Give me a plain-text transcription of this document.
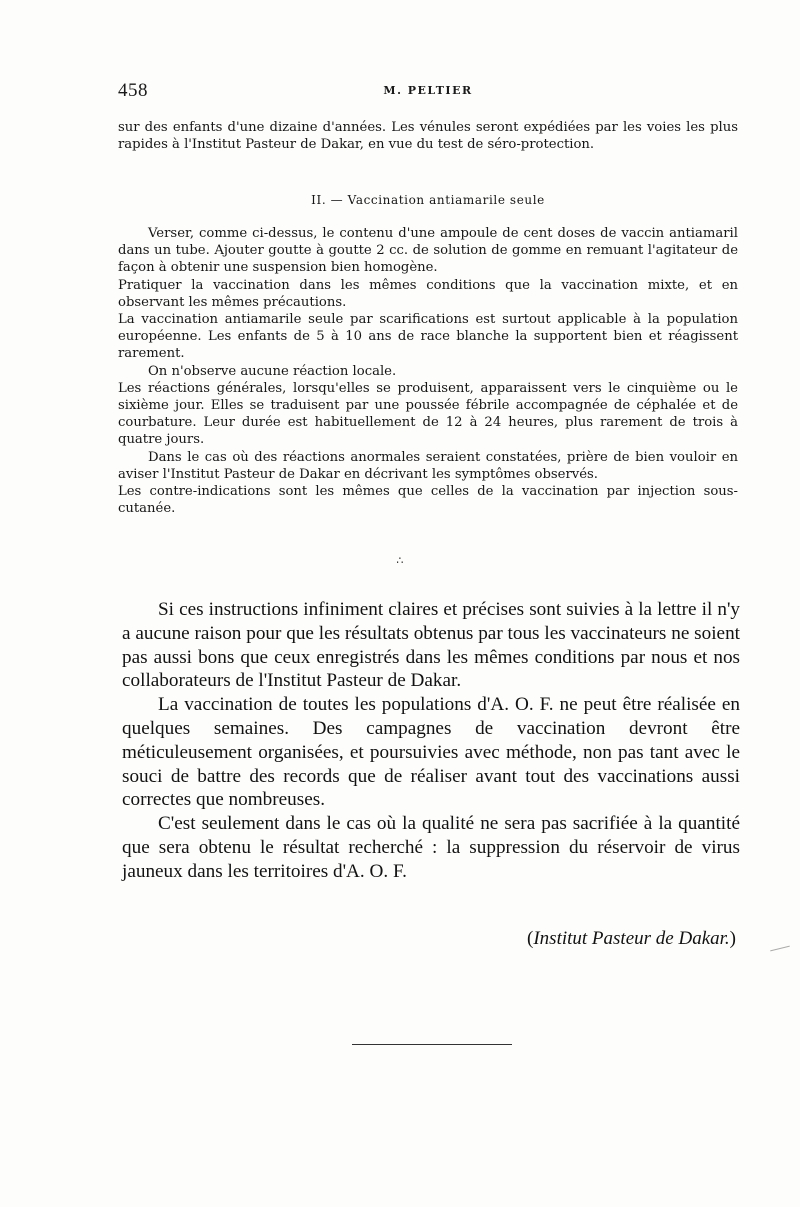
458	M. PELTIER

sur des enfants d'une dizaine d'années. Les vénules seront expédiées par les voies les plus rapides à l'Institut Pasteur de Dakar, en vue du test de séro-protection.

II. — Vaccination antiamarile seule

Verser, comme ci-dessus, le contenu d'une ampoule de cent doses de vaccin antiamaril dans un tube. Ajouter goutte à goutte 2 cc. de solution de gomme en remuant l'agitateur de façon à obtenir une suspension bien homogène.

Pratiquer la vaccination dans les mêmes conditions que la vaccination mixte, et en observant les mêmes précautions.

La vaccination antiamarile seule par scarifications est surtout applicable à la population européenne. Les enfants de 5 à 10 ans de race blanche la supportent bien et réagissent rarement.

On n'observe aucune réaction locale.

Les réactions générales, lorsqu'elles se produisent, apparaissent vers le cinquième ou le sixième jour. Elles se traduisent par une poussée fébrile accompagnée de céphalée et de courbature. Leur durée est habituellement de 12 à 24 heures, plus rarement de trois à quatre jours.

Dans le cas où des réactions anormales seraient constatées, prière de bien vouloir en aviser l'Institut Pasteur de Dakar en décrivant les symptômes observés.

Les contre-indications sont les mêmes que celles de la vaccination par injection sous-cutanée.

∴

Si ces instructions infiniment claires et précises sont suivies à la lettre il n'y a aucune raison pour que les résultats obtenus par tous les vaccinateurs ne soient pas aussi bons que ceux enregistrés dans les mêmes conditions par nous et nos collaborateurs de l'Institut Pasteur de Dakar.

La vaccination de toutes les populations d'A. O. F. ne peut être réalisée en quelques semaines. Des campagnes de vaccination devront être méticuleusement organisées, et poursuivies avec méthode, non pas tant avec le souci de battre des records que de réaliser avant tout des vaccinations aussi correctes que nombreuses.

C'est seulement dans le cas où la qualité ne sera pas sacrifiée à la quantité que sera obtenu le résultat recherché : la suppression du réservoir de virus jauneux dans les territoires d'A. O. F.

(Institut Pasteur de Dakar.)
